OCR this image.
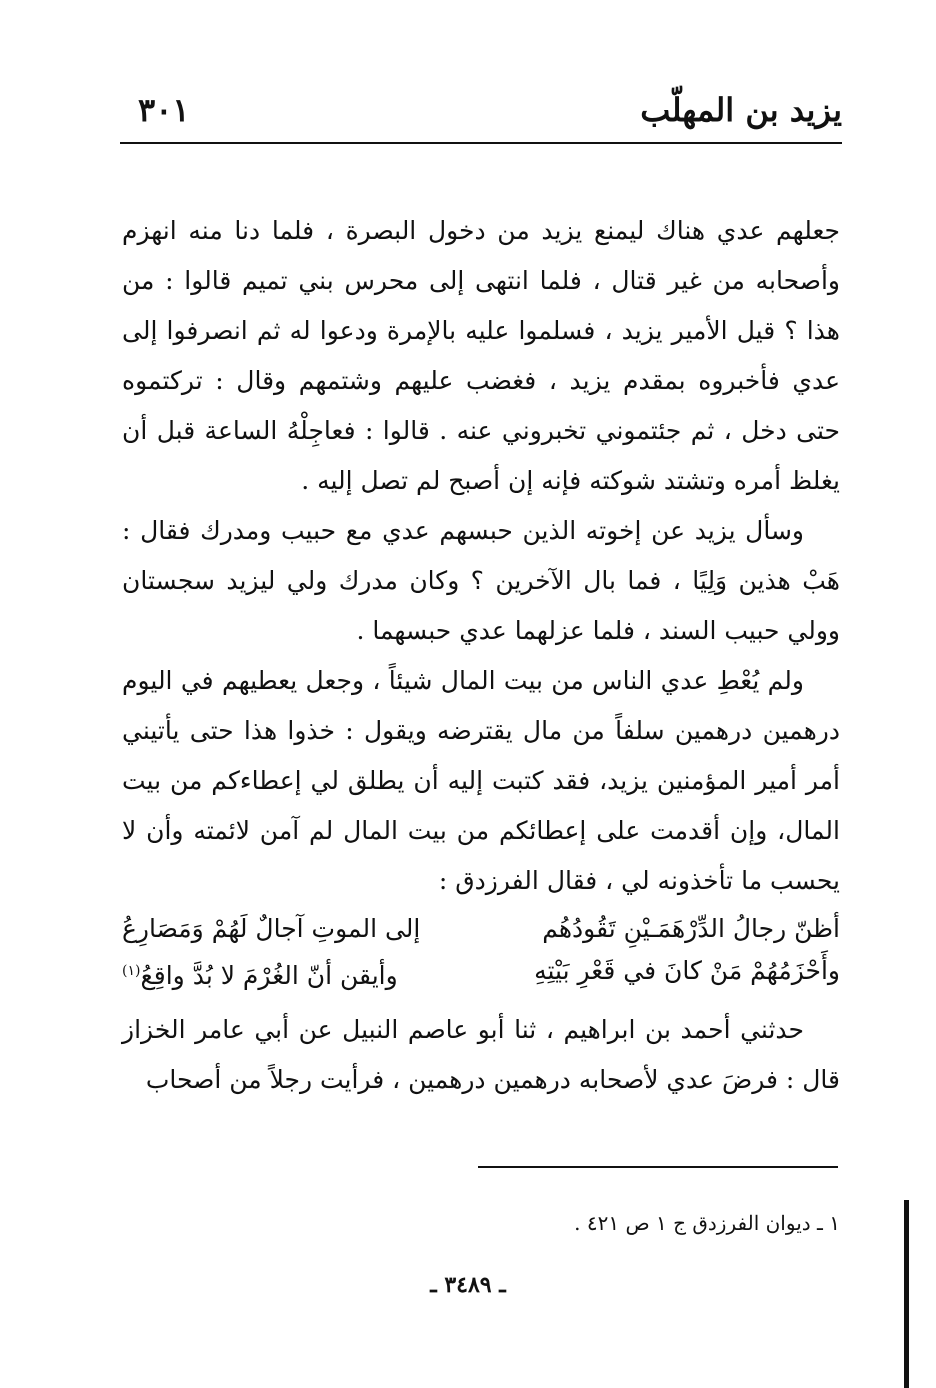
يزيد بن المهلّب
٣٠١

جعلهم عدي هناك ليمنع يزيد من دخول البصرة ، فلما دنا منه انهزم وأصحابه من غير قتال ، فلما انتهى إلى محرس بني تميم قالوا : من هذا ؟ قيل الأمير يزيد ، فسلموا عليه بالإمرة ودعوا له ثم انصرفوا إلى عدي فأخبروه بمقدم يزيد ، فغضب عليهم وشتمهم وقال : تركتموه حتى دخل ، ثم جئتموني تخبروني عنه . قالوا : فعاجِلْهُ الساعة قبل أن يغلظ أمره وتشتد شوكته فإنه إن أصبح لم تصل إليه .

وسأل يزيد عن إخوته الذين حبسهم عدي مع حبيب ومدرك فقال : هَبْ هذين وَلِيًا ، فما بال الآخرين ؟ وكان مدرك ولي ليزيد سجستان وولي حبيب السند ، فلما عزلهما عدي حبسهما .

ولم يُعْطِ عدي الناس من بيت المال شيئاً ، وجعل يعطيهم في اليوم درهمين درهمين سلفاً من مال يقترضه ويقول : خذوا هذا حتى يأتيني أمر أمير المؤمنين يزيد، فقد كتبت إليه أن يطلق لي إعطاءكم من بيت المال، وإن أقدمت على إعطائكم من بيت المال لم آمن لائمته وأن لا يحسب ما تأخذونه لي ، فقال الفرزدق :

أظنّ رجالُ الدِّرْهَمَـيْنِ تَقُودُهُم
إلى الموتِ آجالٌ لَهُمْ وَمَصَارِعُ
وأَحْزَمُهُمْ مَنْ كانَ في قَعْرِ بَيْتِهِ
وأيقن أنّ الغُرْمَ لا بُدَّ واقِعُ(١)

حدثني أحمد بن ابراهيم ، ثنا أبو عاصم النبيل عن أبي عامر الخزاز قال : فرضَ عدي لأصحابه درهمين درهمين ، فرأيت رجلاً من أصحاب

١ ـ ديوان الفرزدق ج ١ ص ٤٢١ .
ـ ٣٤٨٩ ـ
